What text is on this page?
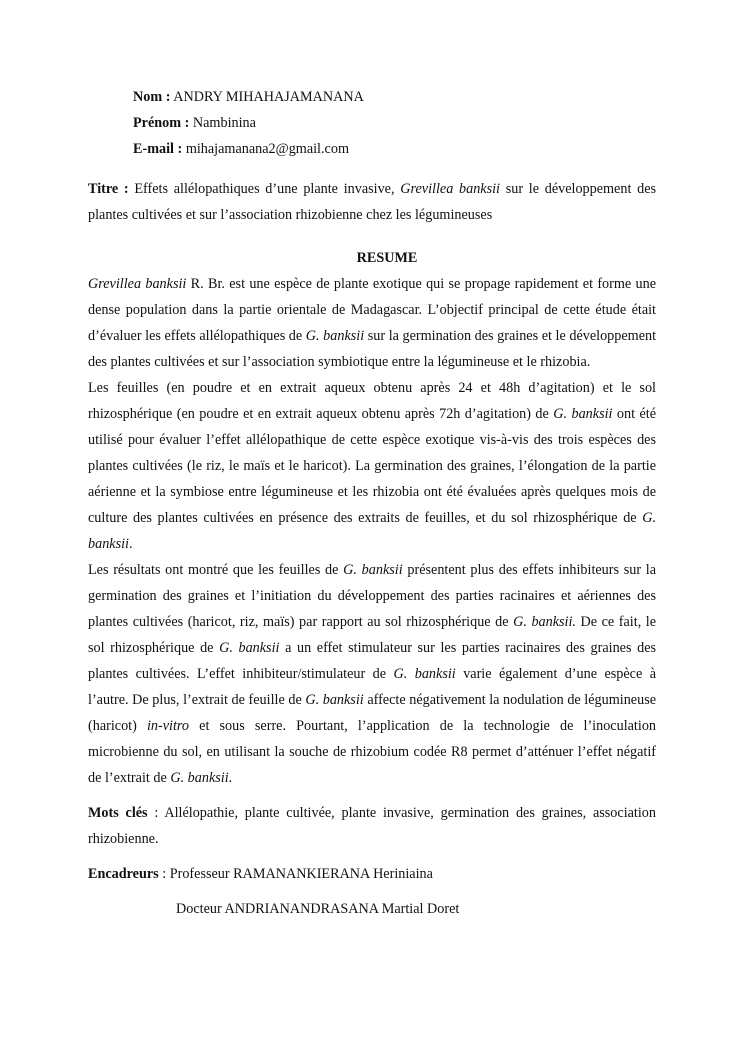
Nom : ANDRY MIHAHAJAMANANA
Prénom : Nambinina
E-mail : mihajamanana2@gmail.com

Titre : Effets allélopathiques d’une plante invasive, Grevillea banksii sur le développement des plantes cultivées et sur l’association rhizobienne chez les légumineuses

RESUME

Grevillea banksii R. Br. est une espèce de plante exotique qui se propage rapidement et forme une dense population dans la partie orientale de Madagascar. L’objectif principal de cette étude était d’évaluer les effets allélopathiques de G. banksii sur la germination des graines et le développement des plantes cultivées et sur l’association symbiotique entre la légumineuse et le rhizobia.

Les feuilles (en poudre et en extrait aqueux obtenu après 24 et 48h d’agitation) et le sol rhizosphérique (en poudre et en extrait aqueux obtenu après 72h d’agitation) de G. banksii ont été utilisé pour évaluer l’effet allélopathique de cette espèce exotique vis-à-vis des trois espèces des plantes cultivées (le riz, le maïs et le haricot). La germination des graines, l’élongation de la partie aérienne et la symbiose entre légumineuse et les rhizobia ont été évaluées après quelques mois de culture des plantes cultivées en présence des extraits de feuilles, et du sol rhizosphérique de G. banksii.

Les résultats ont montré que les feuilles de G. banksii présentent plus des effets inhibiteurs sur la germination des graines et l’initiation du développement des parties racinaires et aériennes des plantes cultivées (haricot, riz, maïs) par rapport au sol rhizosphérique de G. banksii. De ce fait, le sol rhizosphérique de G. banksii a un effet stimulateur sur les parties racinaires des graines des plantes cultivées. L’effet inhibiteur/stimulateur de G. banksii varie également d’une espèce à l’autre. De plus, l’extrait de feuille de G. banksii affecte négativement la nodulation de légumineuse (haricot) in-vitro et sous serre. Pourtant, l’application de la technologie de l’inoculation microbienne du sol, en utilisant la souche de rhizobium codée R8 permet d’atténuer l’effet négatif de l’extrait de G. banksii.

Mots clés : Allélopathie, plante cultivée, plante invasive, germination des graines, association rhizobienne.

Encadreurs : Professeur RAMANANKIERANA Heriniaina
Docteur ANDRIANANDRASANA Martial Doret
